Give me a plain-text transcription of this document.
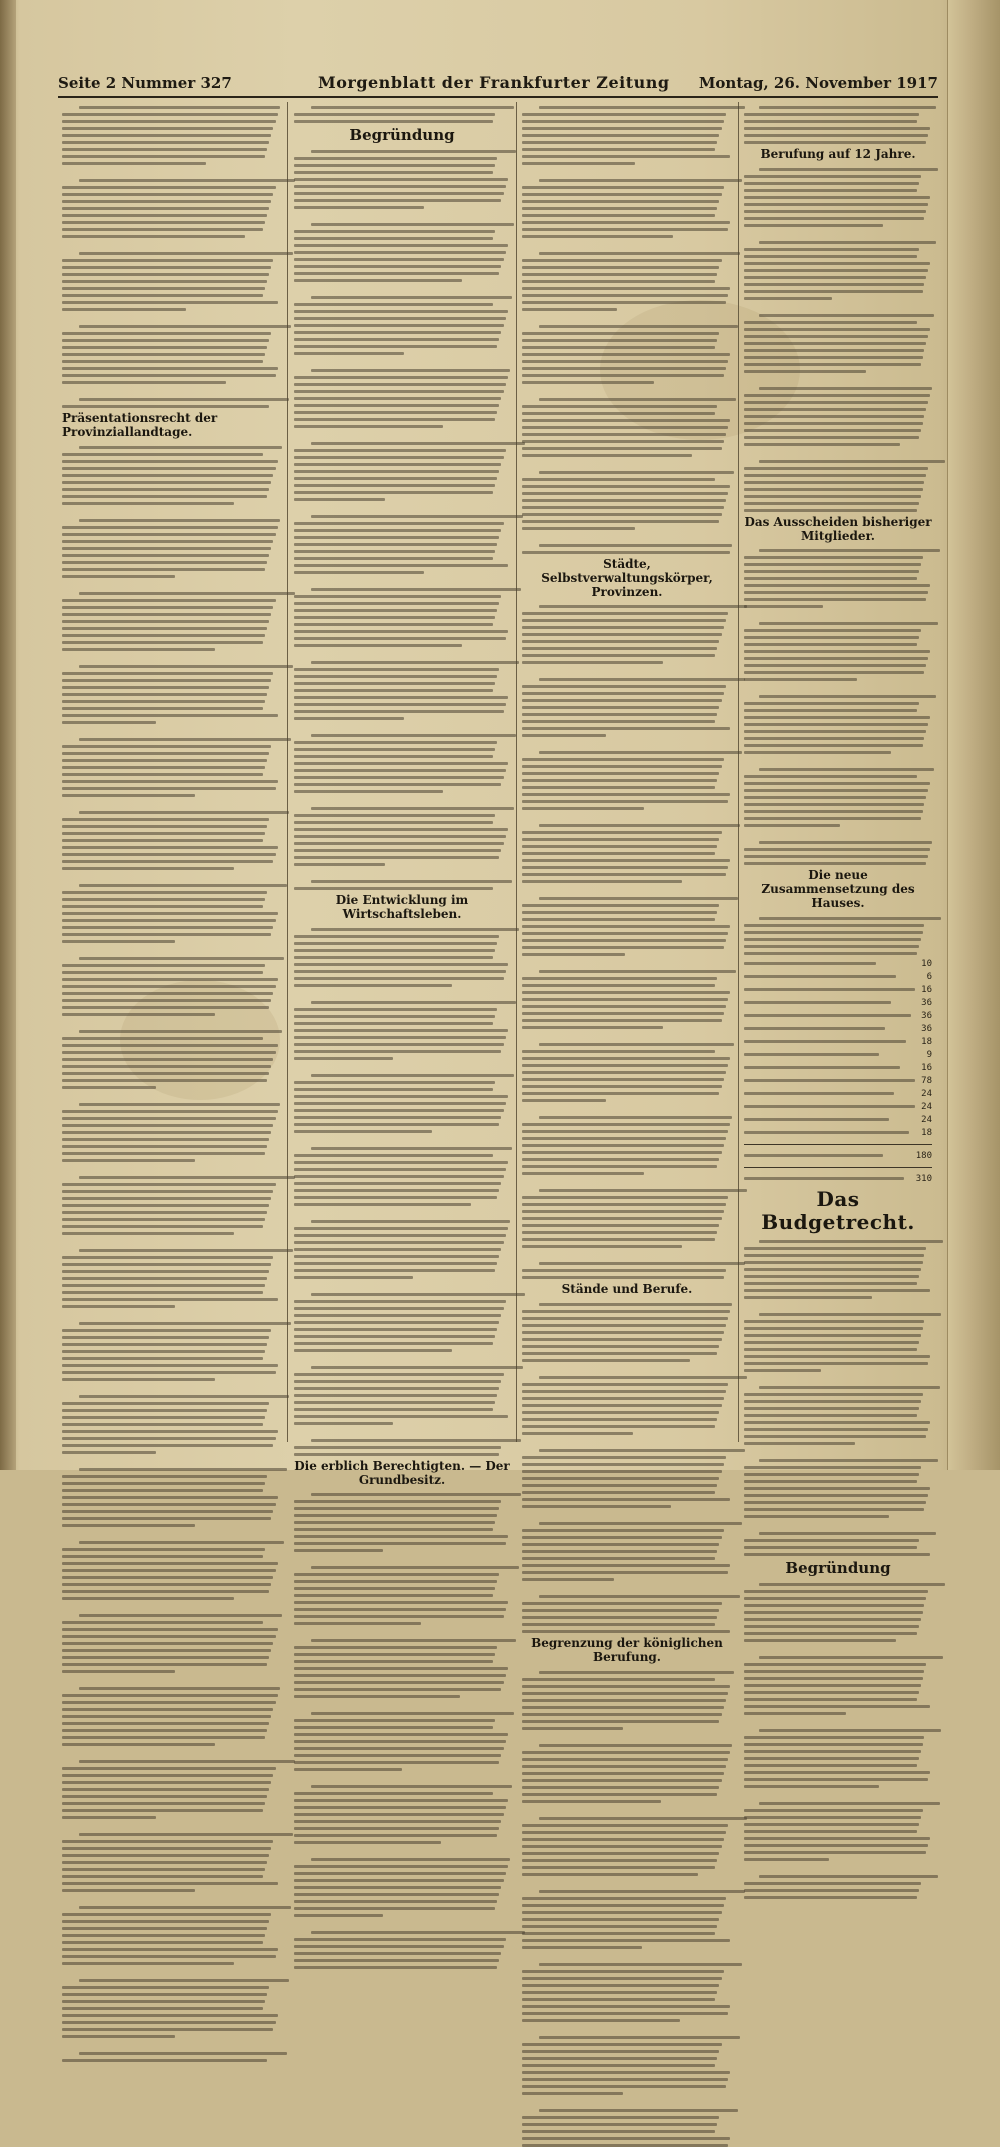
Seite 2 Nummer 327	Morgenblatt der Frankfurter Zeitung Montag, 26. November 1917
Präsentationsrecht der Provinziallandtage.
Begründung
Die Entwicklung im Wirtschaftsleben.
Die erblich Berechtigten. — Der Grundbesitz.
Städte, Selbstverwaltungskörper, Provinzen.
Stände und Berufe.
Begrenzung der königlichen Berufung.
Berufung auf 12 Jahre.
Das Ausscheiden bisheriger Mitglieder.
Die neue Zusammensetzung des Hauses.
10
6
16
36
36
36
18
9
16
78
24
24
24
18
180
310
Das Budgetrecht.
Begründung
